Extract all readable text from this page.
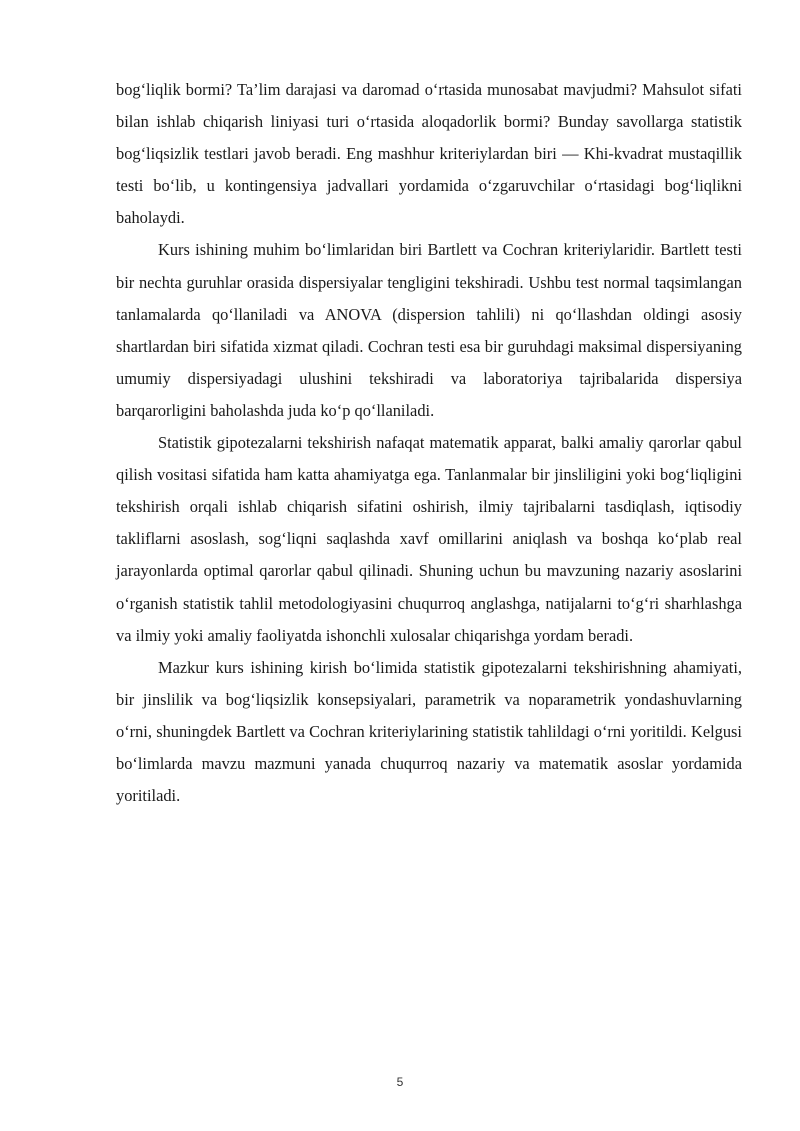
bog‘liqlik bormi? Ta’lim darajasi va daromad o‘rtasida munosabat mavjudmi? Mahsulot sifati bilan ishlab chiqarish liniyasi turi o‘rtasida aloqadorlik bormi? Bunday savollarga statistik bog‘liqsizlik testlari javob beradi. Eng mashhur kriteriylardan biri — Khi-kvadrat mustaqillik testi bo‘lib, u kontingensiya jadvallari yordamida o‘zgaruvchilar o‘rtasidagi bog‘liqlikni baholaydi.

Kurs ishining muhim bo‘limlaridan biri Bartlett va Cochran kriteriylaridir. Bartlett testi bir nechta guruhlar orasida dispersiyalar tengligini tekshiradi. Ushbu test normal taqsimlangan tanlamalarda qo‘llaniladi va ANOVA (dispersion tahlili) ni qo‘llashdan oldingi asosiy shartlardan biri sifatida xizmat qiladi. Cochran testi esa bir guruhdagi maksimal dispersiyaning umumiy dispersiyadagi ulushini tekshiradi va laboratoriya tajribalarida dispersiya barqarorligini baholashda juda ko‘p qo‘llaniladi.

Statistik gipotezalarni tekshirish nafaqat matematik apparat, balki amaliy qarorlar qabul qilish vositasi sifatida ham katta ahamiyatga ega. Tanlanmalar bir jinsliligini yoki bog‘liqligini tekshirish orqali ishlab chiqarish sifatini oshirish, ilmiy tajribalarni tasdiqlash, iqtisodiy takliflarni asoslash, sog‘liqni saqlashda xavf omillarini aniqlash va boshqa ko‘plab real jarayonlarda optimal qarorlar qabul qilinadi. Shuning uchun bu mavzuning nazariy asoslarini o‘rganish statistik tahlil metodologiyasini chuqurroq anglashga, natijalarni to‘g‘ri sharhlashga va ilmiy yoki amaliy faoliyatda ishonchli xulosalar chiqarishga yordam beradi.

Mazkur kurs ishining kirish bo‘limida statistik gipotezalarni tekshirishning ahamiyati, bir jinslilik va bog‘liqsizlik konsepsiyalari, parametrik va noparametrik yondashuvlarning o‘rni, shuningdek Bartlett va Cochran kriteriylarining statistik tahlildagi o‘rni yoritildi. Kelgusi bo‘limlarda mavzu mazmuni yanada chuqurroq nazariy va matematik asoslar yordamida yoritiladi.

5
